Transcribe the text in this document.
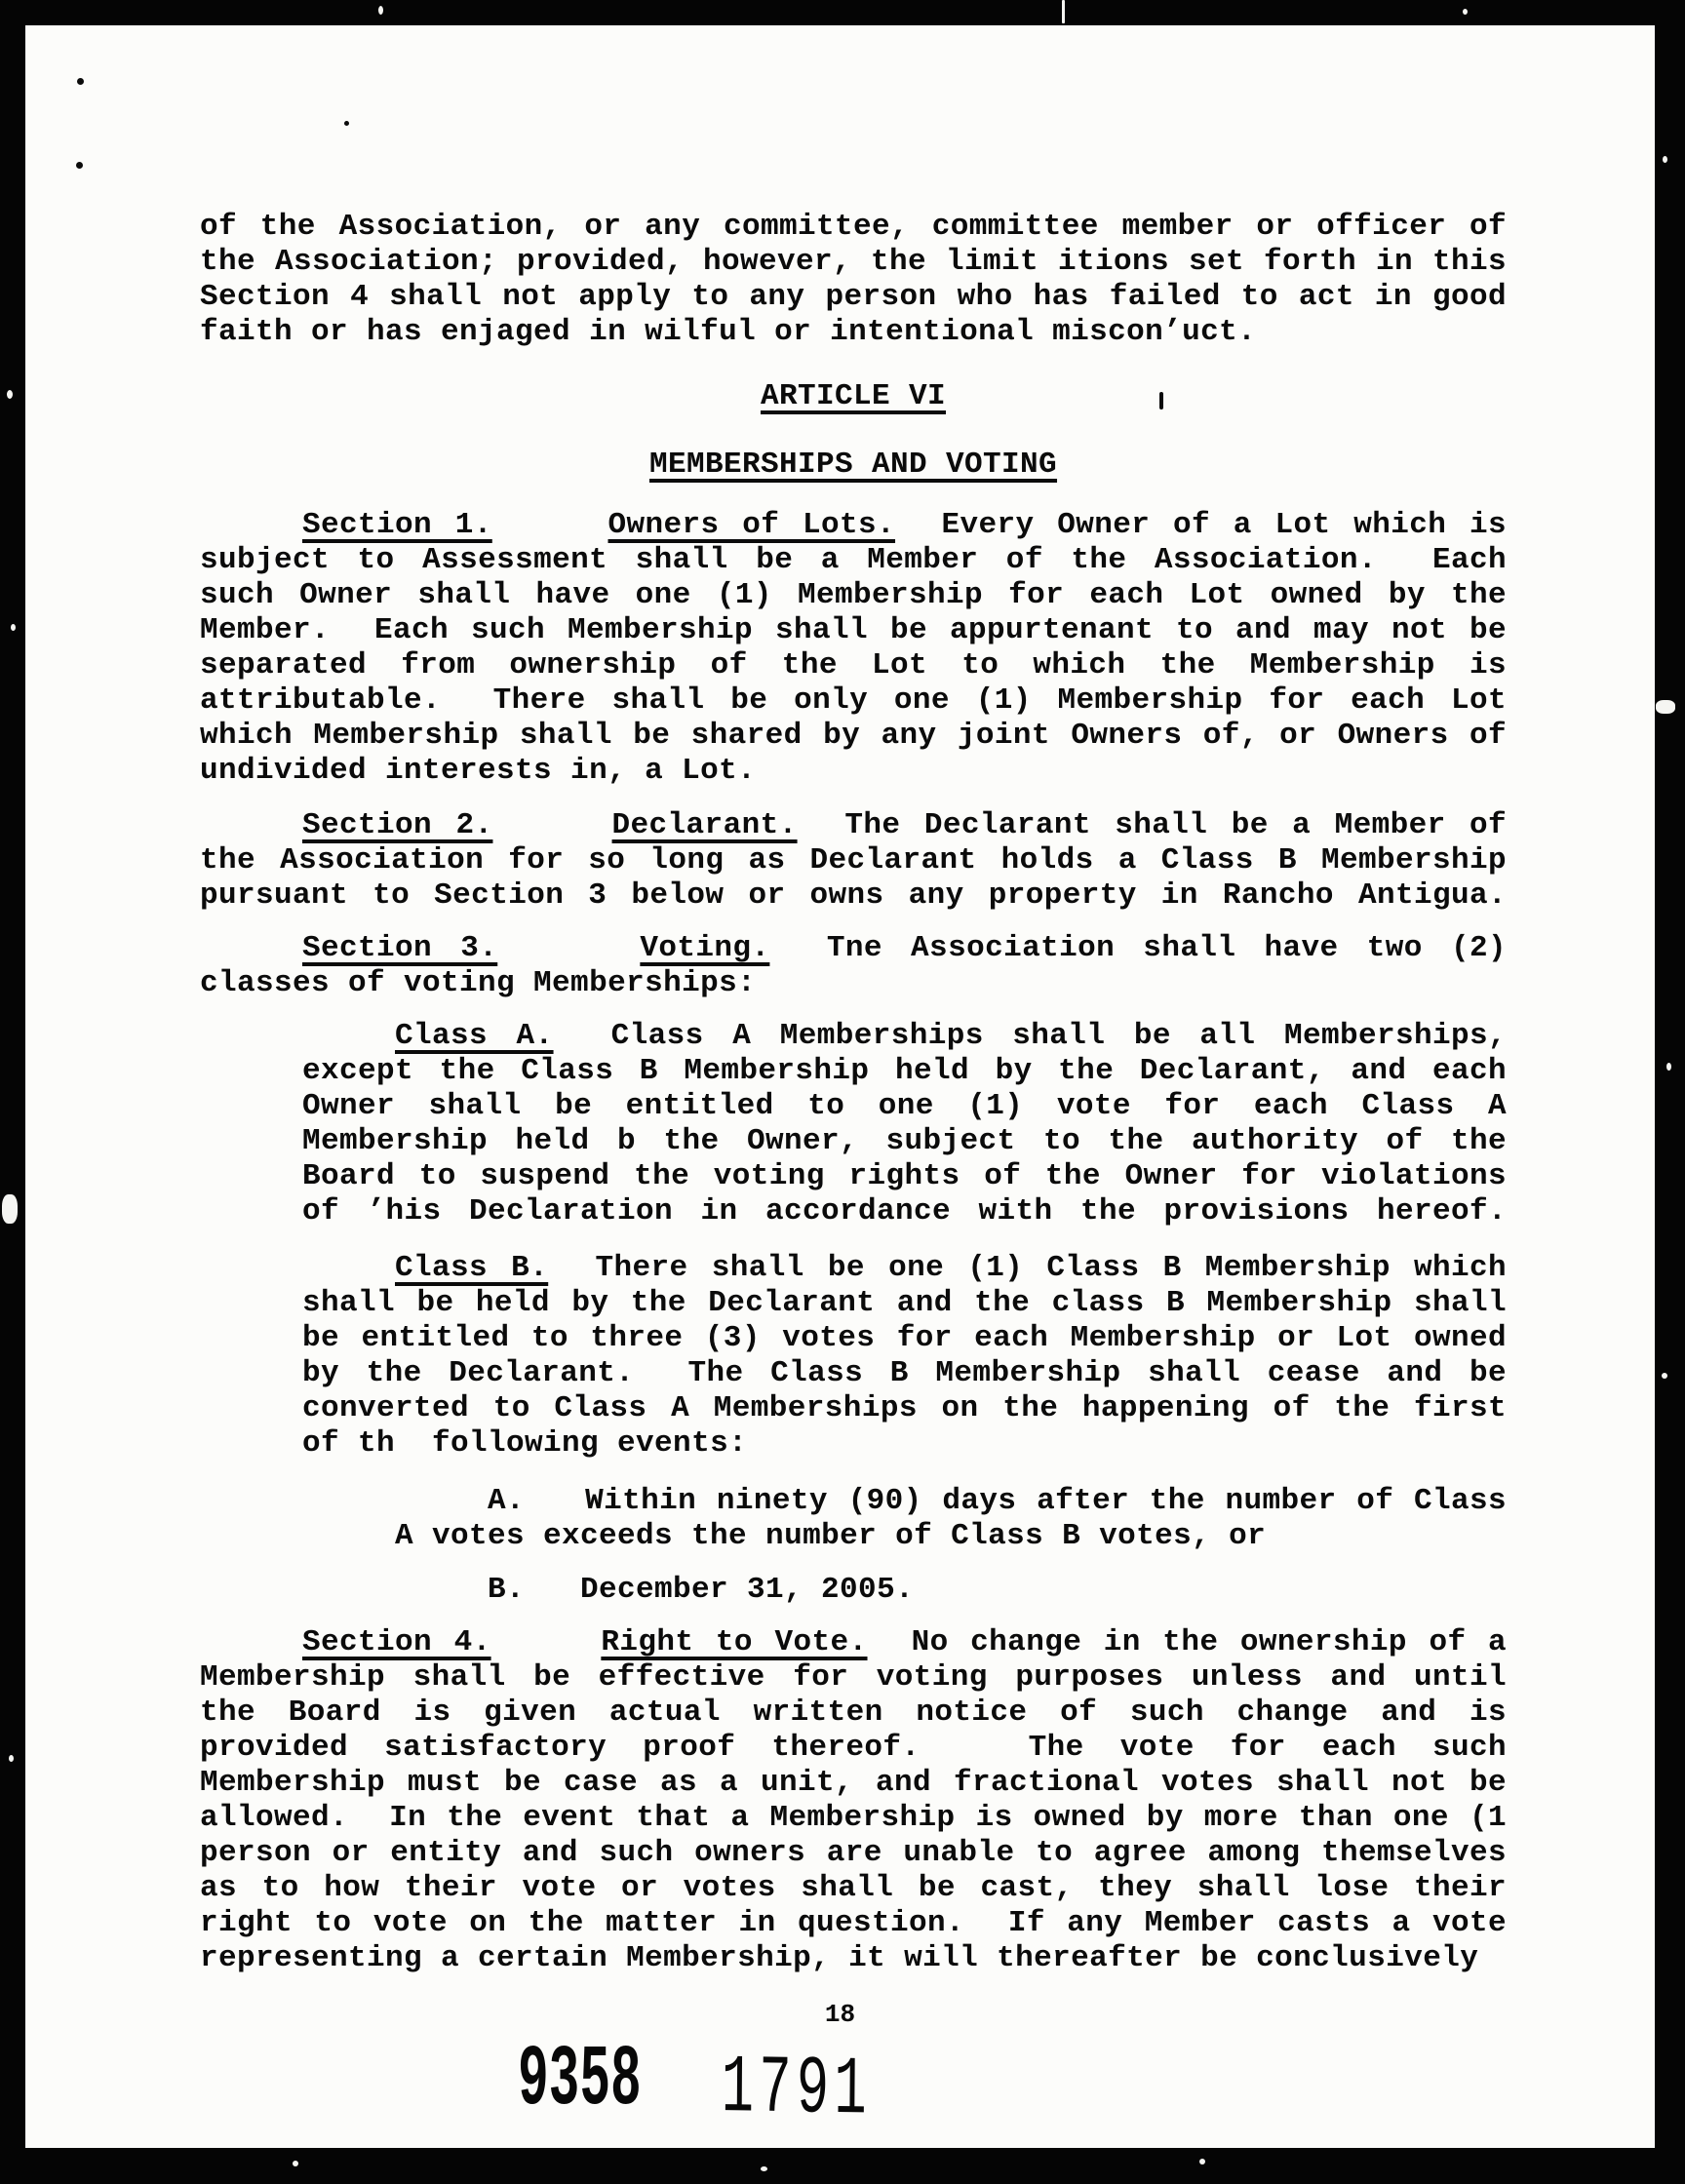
of the Association, or any committee, committee member or officer of
the Association; provided, however, the limit itions set forth in this
Section 4 shall not apply to any person who has failed to act in good
faith or has enjaged in wilful or intentional miscon’uct.
ARTICLE VI
MEMBERSHIPS AND VOTING
Section 1.	Owners of Lots.  Every Owner of a Lot which is
subject to Assessment shall be a Member of the Association.  Each
such Owner shall have one (1) Membership for each Lot owned by the
Member.  Each such Membership shall be appurtenant to and may not be
separated from ownership of the Lot to which the Membership is
attributable.  There shall be only one (1) Membership for each Lot
which Membership shall be shared by any joint Owners of, or Owners of
undivided interests in, a Lot.
Section 2.	Declarant.  The Declarant shall be a Member of
the Association for so long as Declarant holds a Class B Membership
pursuant to Section 3 below or owns any property in Rancho Antigua.
Section 3.	Voting.  Tne Association shall have two (2)
classes of voting Memberships:
Class A.  Class A Memberships shall be all Memberships,
except the Class B Membership held by the Declarant, and each
Owner shall be entitled to one (1) vote for each Class A
Membership held b the Owner, subject to the authority of the
Board to suspend the voting rights of the Owner for violations
of ’his Declaration in accordance with the provisions hereof.
Class B.  There shall be one (1) Class B Membership which
shall be held by the Declarant and the class B Membership shall
be entitled to three (3) votes for each Membership or Lot owned
by the Declarant.  The Class B Membership shall cease and be
converted to Class A Memberships on the happening of the first
of th  following events:
A.   Within ninety (90) days after the number of Class
A votes exceeds the number of Class B votes, or
B.   December 31, 2005.
Section 4.	Right to Vote.  No change in the ownership of a
Membership shall be effective for voting purposes unless and until
the Board is given actual written notice of such change and is
provided satisfactory proof thereof.   The vote for each such
Membership must be case as a unit, and fractional votes shall not be
allowed.  In the event that a Membership is owned by more than one (1
person or entity and such owners are unable to agree among themselves
as to how their vote or votes shall be cast, they shall lose their
right to vote on the matter in question.  If any Member casts a vote
representing a certain Membership, it will thereafter be conclusively
18
9358 1791
